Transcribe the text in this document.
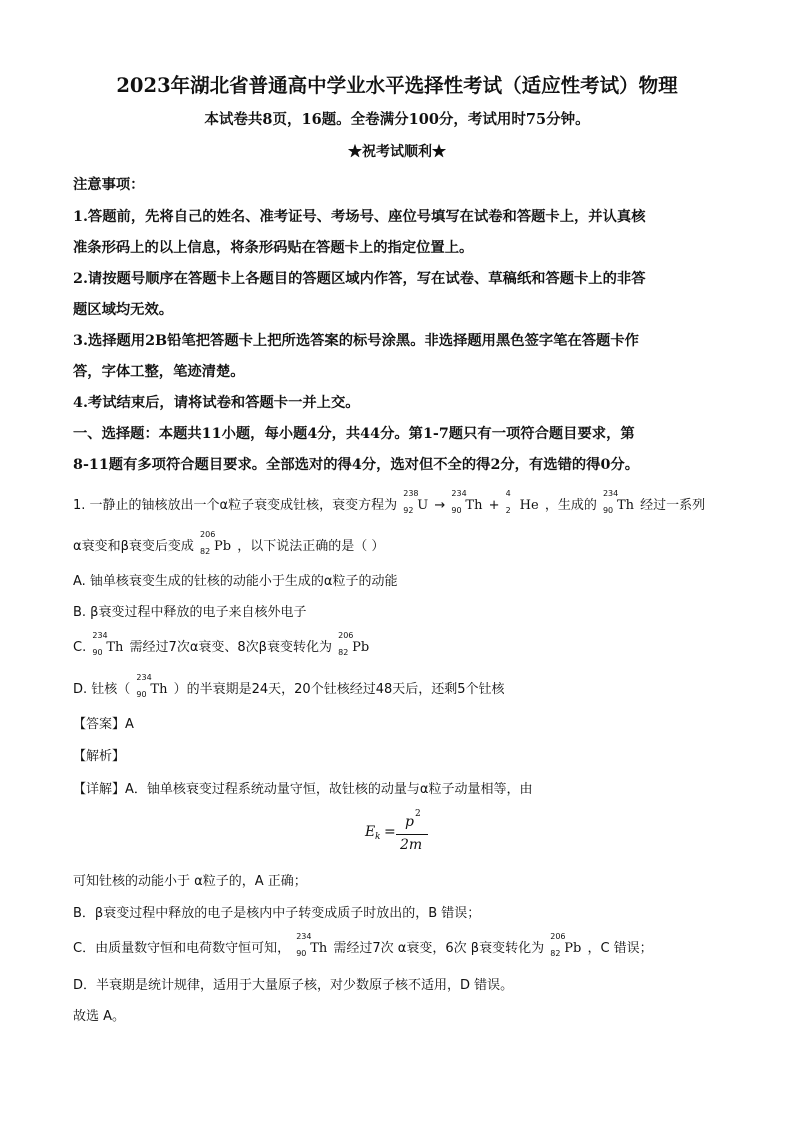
2023年湖北省普通高中学业水平选择性考试（适应性考试）物理
本试卷共8页，16题。全卷满分100分，考试用时75分钟。
★祝考试顺利★
注意事项：
1.答题前，先将自己的姓名、准考证号、考场号、座位号填写在试卷和答题卡上，并认真核
准条形码上的以上信息，将条形码贴在答题卡上的指定位置上。
2.请按题号顺序在答题卡上各题目的答题区域内作答，写在试卷、草稿纸和答题卡上的非答
题区域均无效。
3.选择题用2B铅笔把答题卡上把所选答案的标号涂黑。非选择题用黑色签字笔在答题卡作
答，字体工整，笔迹清楚。
4.考试结束后，请将试卷和答题卡一并上交。
一、选择题：本题共11小题，每小题4分，共44分。第1-7题只有一项符合题目要求，第
8-11题有多项符合题目要求。全部选对的得4分，选对但不全的得2分，有选错的得0分。
1. 一静止的铀核放出一个α粒子衰变成钍核，衰变方程为
238
92 U →
234
90 Th +
4
2 He ，生成的
234
90 Th 经过一系列
α衰变和β衰变后变成
206
82 Pb ，以下说法正确的是（ ）
A. 铀单核衰变生成的钍核的动能小于生成的α粒子的动能
B. β衰变过程中释放的电子来自核外电子
C.
234
90 Th 需经过7次α衰变、8次β衰变转化为
206
82 Pb
D. 钍核（
234
90 Th ）的半衰期是24天，20个钍核经过48天后，还剩5个钍核
【答案】A
【解析】
【详解】A．铀单核衰变过程系统动量守恒，故钍核的动量与α粒子动量相等，由
E k =
p 2
2m
可知钍核的动能小于 α粒子的，A 正确；
B．β衰变过程中释放的电子是核内中子转变成质子时放出的，B 错误；
C．由质量数守恒和电荷数守恒可知，
234
90 Th 需经过7次 α衰变，6次 β衰变转化为
206
82 Pb ，C 错误；
D．半衰期是统计规律，适用于大量原子核，对少数原子核不适用，D 错误。
故选 A。
